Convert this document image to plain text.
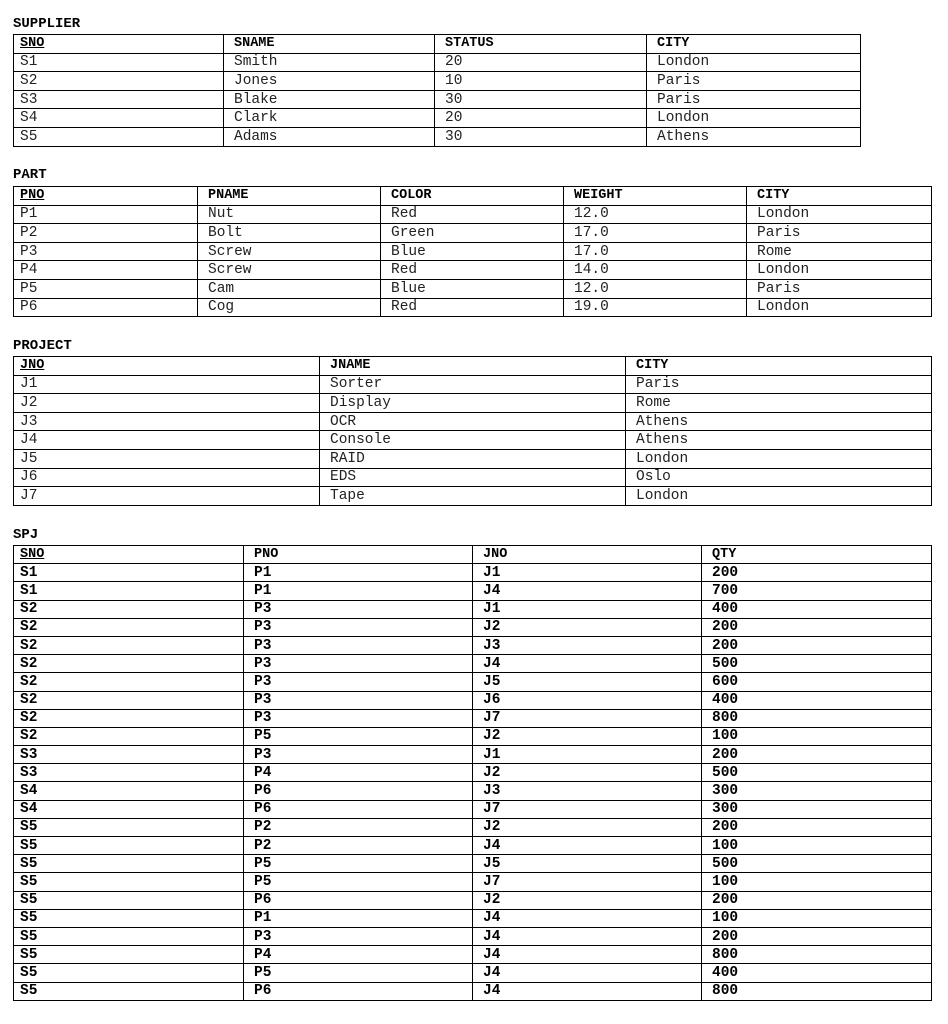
SUPPLIER
SNO	SNAME	STATUS	CITY
S1	Smith	20	London
S2	Jones	10	Paris
S3	Blake	30	Paris
S4	Clark	20	London
S5	Adams	30	Athens
PART
PNO	PNAME	COLOR	WEIGHT	CITY
P1	Nut	Red	12.0	London
P2	Bolt	Green	17.0	Paris
P3	Screw	Blue	17.0	Rome
P4	Screw	Red	14.0	London
P5	Cam	Blue	12.0	Paris
P6	Cog	Red	19.0	London
PROJECT
JNO	JNAME	CITY
J1	Sorter	Paris
J2	Display	Rome
J3	OCR	Athens
J4	Console	Athens
J5	RAID	London
J6	EDS	Oslo
J7	Tape	London
SPJ
SNO	PNO	JNO	QTY
S1	P1	J1	200
S1	P1	J4	700
S2	P3	J1	400
S2	P3	J2	200
S2	P3	J3	200
S2	P3	J4	500
S2	P3	J5	600
S2	P3	J6	400
S2	P3	J7	800
S2	P5	J2	100
S3	P3	J1	200
S3	P4	J2	500
S4	P6	J3	300
S4	P6	J7	300
S5	P2	J2	200
S5	P2	J4	100
S5	P5	J5	500
S5	P5	J7	100
S5	P6	J2	200
S5	P1	J4	100
S5	P3	J4	200
S5	P4	J4	800
S5	P5	J4	400
S5	P6	J4	800
